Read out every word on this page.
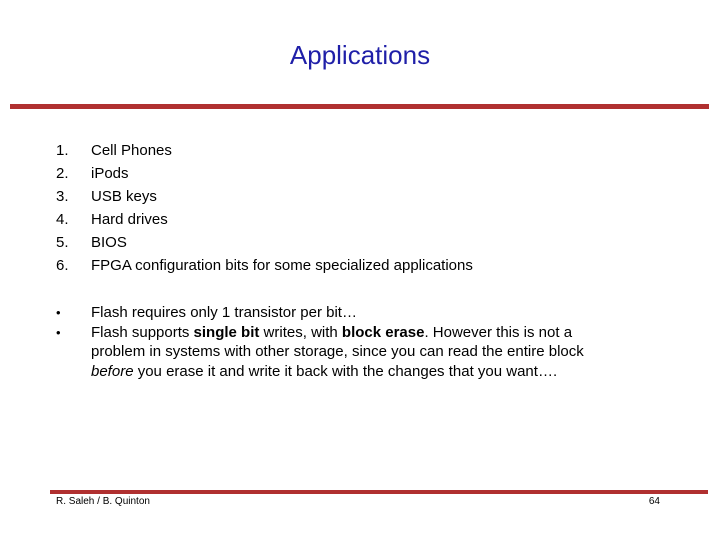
Applications
1.	Cell Phones
2.	iPods
3.	USB keys
4.	Hard drives
5.	BIOS
6.	FPGA configuration bits for some specialized applications
•	Flash requires only 1 transistor per bit…
•	Flash supports single bit writes, with block erase. However this is not a problem in systems with other storage, since you can read the entire block before you erase it and write it back with the changes that you want….
R. Saleh / B. Quinton	64
